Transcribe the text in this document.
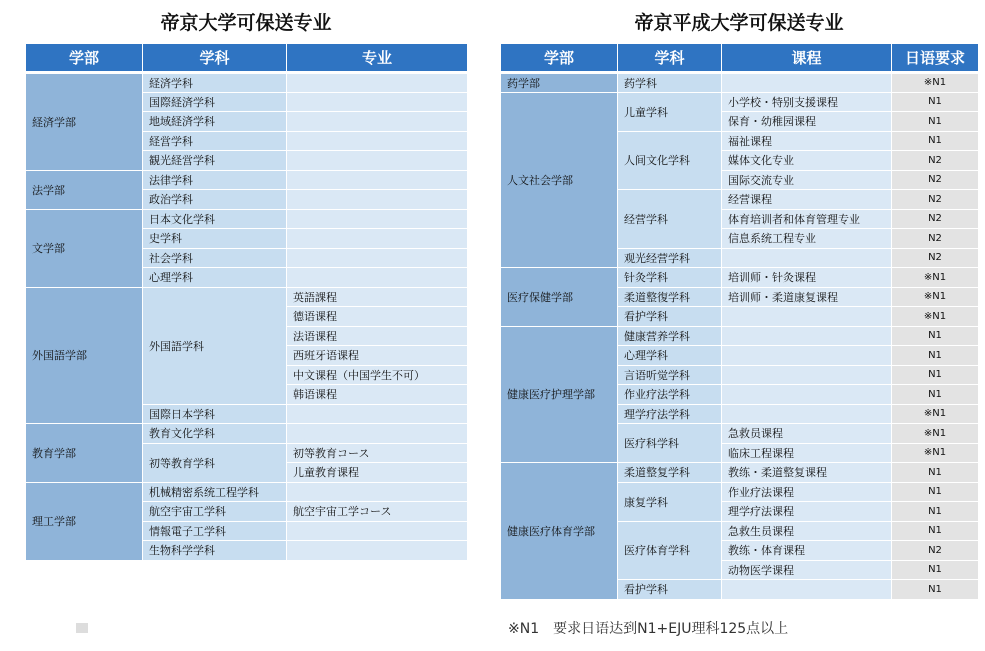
帝京大学可保送专业	帝京平成大学可保送专业
学部	学科	专业
経済学部	経済学科	
	国際経済学科	
	地域経済学科	
	経営学科	
	観光経営学科	
法学部	法律学科	
	政治学科	
文学部	日本文化学科	
	史学科	
	社会学科	
	心理学科	
外国語学部	外国語学科	英語課程
		德语课程
		法语课程
		西班牙语课程
		中文课程（中国学生不可）
		韩语课程
	国際日本学科	
教育学部	教育文化学科	
	初等教育学科	初等教育コース
		儿童教育课程
理工学部	机械精密系统工程学科	
	航空宇宙工学科	航空宇宙工学コース
	情報電子工学科	
	生物科学学科	
学部	学科	课程	日语要求
药学部	药学科		※N1
人文社会学部	儿童学科	小学校・特别支援课程	N1
		保育・幼稚园课程	N1
	人间文化学科	福祉课程	N1
		媒体文化专业	N2
		国际交流专业	N2
	经营学科	经营课程	N2
		体育培训者和体育管理专业	N2
		信息系统工程专业	N2
	观光经营学科		N2
医疗保健学部	针灸学科	培训师・针灸课程	※N1
	柔道整復学科	培训师・柔道康复课程	※N1
	看护学科		※N1
健康医疗护理学部	健康营养学科		N1
	心理学科		N1
	言语听觉学科		N1
	作业疗法学科		N1
	理学疗法学科		※N1
	医疗科学科	急救员课程	※N1
		临床工程课程	※N1
健康医疗体育学部	柔道整复学科	教练・柔道整复课程	N1
	康复学科	作业疗法课程	N1
		理学疗法课程	N1
	医疗体育学科	急救生员课程	N1
		教练・体育课程	N2
		动物医学课程	N1
	看护学科		N1
※N1　要求日语达到N1+EJU理科125点以上
